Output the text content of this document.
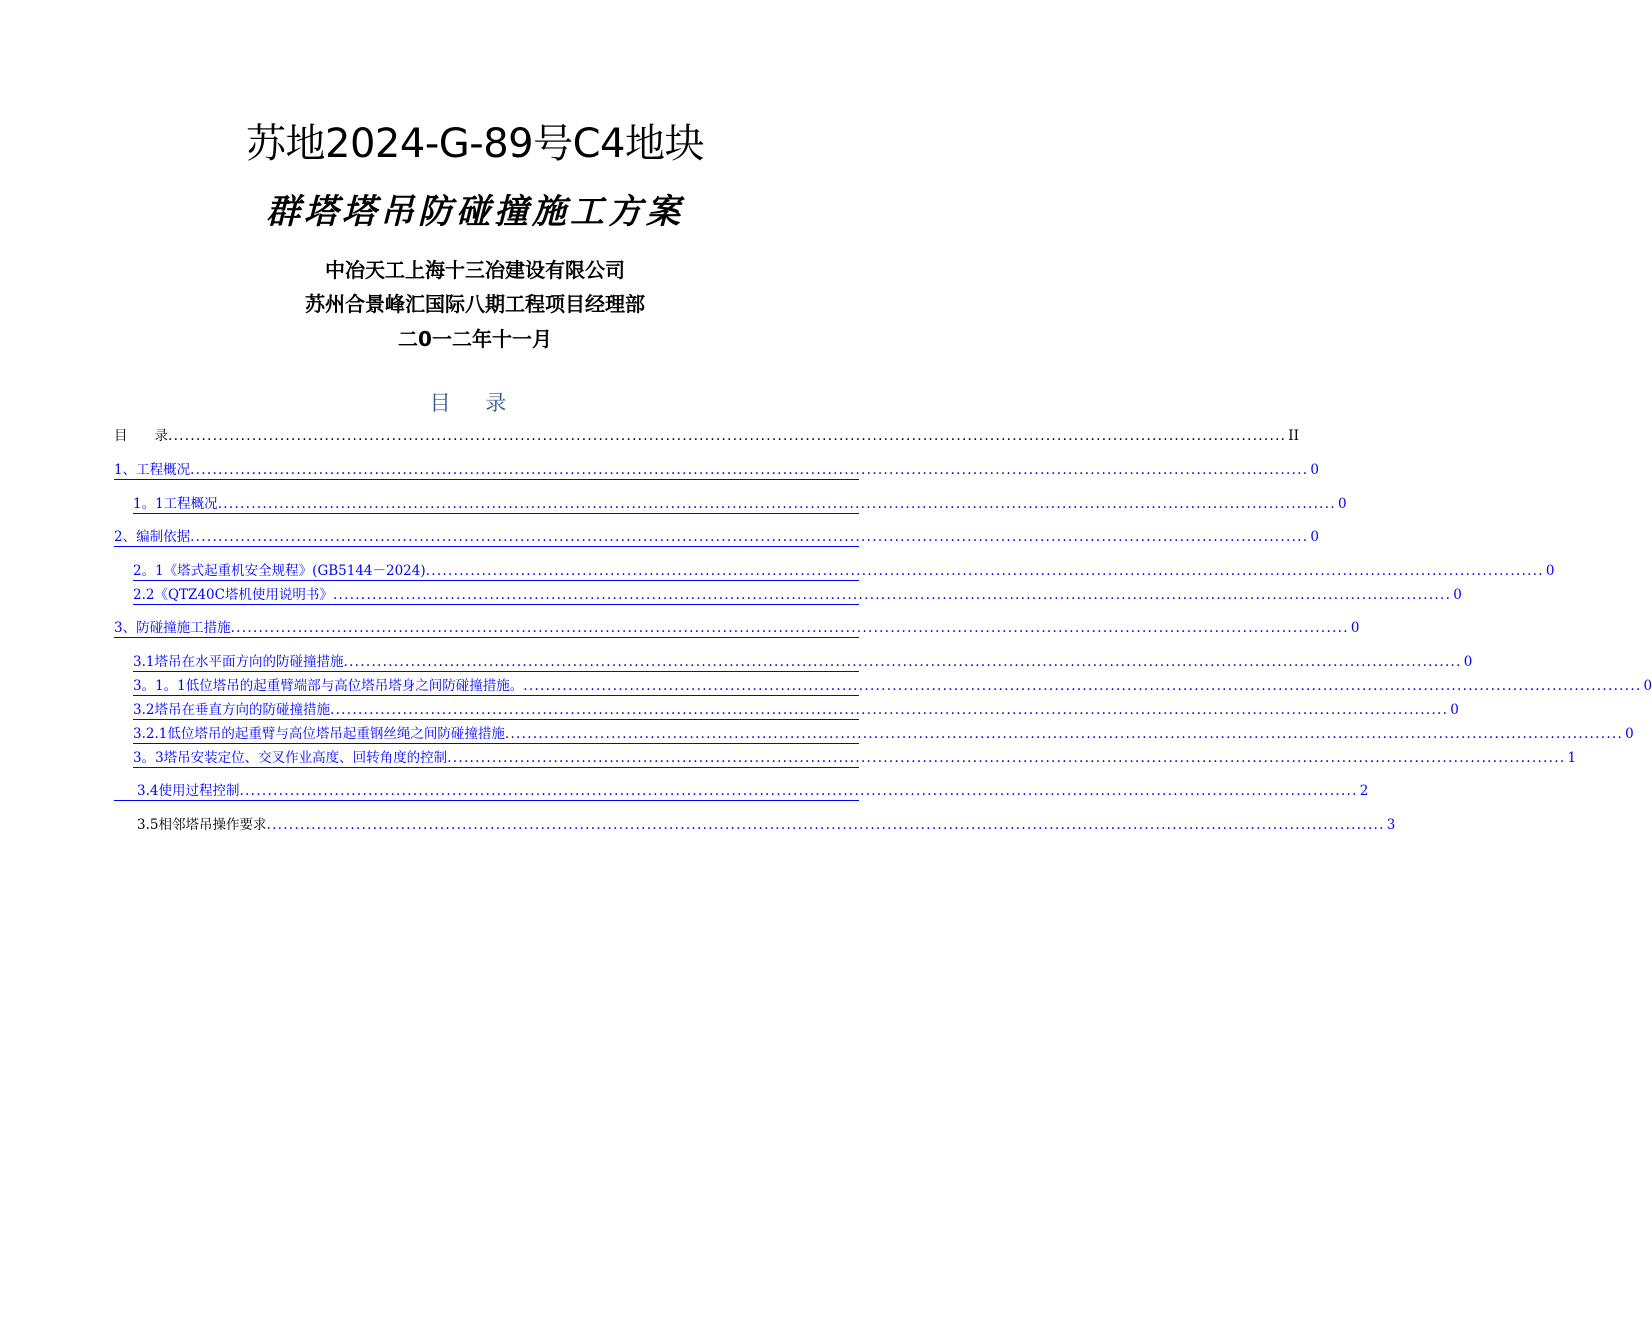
苏地2024-G-89号C4地块
群塔塔吊防碰撞施工方案
中冶天工上海十三冶建设有限公司
苏州合景峰汇国际八期工程项目经理部
二0一二年十一月
目 录
目　　录 ........................................................................................................................................................................................................ II
1、工程概况 ........................................................................................................................................................................................................ 0
1。1工程概况 ........................................................................................................................................................................................................ 0
2、编制依据 ........................................................................................................................................................................................................ 0
2。1《塔式起重机安全规程》(GB5144－2024) ........................................................................................................................................................................................................ 0
2.2《QTZ40C塔机使用说明书》 ........................................................................................................................................................................................................ 0
3、防碰撞施工措施 ........................................................................................................................................................................................................ 0
3.1塔吊在水平面方向的防碰撞措施 ........................................................................................................................................................................................................ 0
3。1。1低位塔吊的起重臂端部与高位塔吊塔身之间防碰撞措施。 ........................................................................................................................................................................................................ 0
3.2塔吊在垂直方向的防碰撞措施 ........................................................................................................................................................................................................ 0
3.2.1低位塔吊的起重臂与高位塔吊起重钢丝绳之间防碰撞措施 ........................................................................................................................................................................................................ 0
3。3塔吊安装定位、交叉作业高度、回转角度的控制 ........................................................................................................................................................................................................ 1
3.4使用过程控制 ........................................................................................................................................................................................................ 2
3.5相邻塔吊操作要求 ........................................................................................................................................................................................................ 3
